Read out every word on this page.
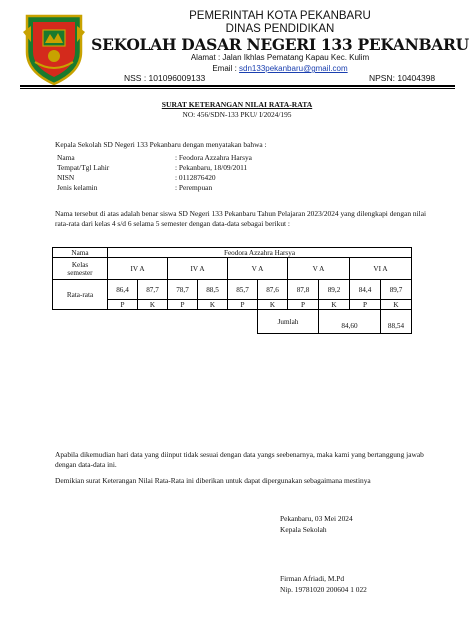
PEMERINTAH KOTA PEKANBARU
DINAS PENDIDIKAN
SEKOLAH DASAR NEGERI 133 PEKANBARU
Alamat : Jalan Ikhlas Pematang Kapau Kec. Kulim
Email : sdn133pekanbaru@gmail.com
NSS : 101096009133	NPSN: 10404398
SURAT KETERANGAN NILAI RATA-RATA
NO: 456/SDN-133 PKU/ I/2024/195
Kepala Sekolah SD Negeri 133 Pekanbaru dengan menyatakan bahwa :
Nama	: Feodora Azzahra Harsya
Tempat/Tgl Lahir	: Pekanbaru, 18/09/2011
NISN	: 0112876420
Jenis kelamin	: Perempuan
Nama tersebut di atas adalah benar siswa SD Negeri 133 Pekanbaru Tahun Pelajaran 2023/2024 yang dilengkapi dengan nilai rata-rata dari kelas 4 s/d 6 selama 5 semester dengan data-data sebagai berikut :
Nama	Feodora Azzahra Harsya									
Kelas
semester	IV A		IV A		V A		V A		VI A	
Rata-rata	86,4	87,7	78,7	88,5	85,7	87,6	87,8	89,2	84,4	89,7
	P	K	P	K	P	K	P	K	P	K
						Jumlah		84,60		88,54
Apabila dikemudian hari data yang diinput tidak sesuai dengan data yangs seebenarnya, maka kami yang bertanggung jawab dengan data-data ini.
Demikian surat Keterangan Nilai Rata-Rata ini diberikan untuk dapat dipergunakan sebagaimana mestinya
Pekanbaru, 03 Mei 2024
Kepala Sekolah
Firman Afriadi, M.Pd
Nip. 19781020 200604 1 022
